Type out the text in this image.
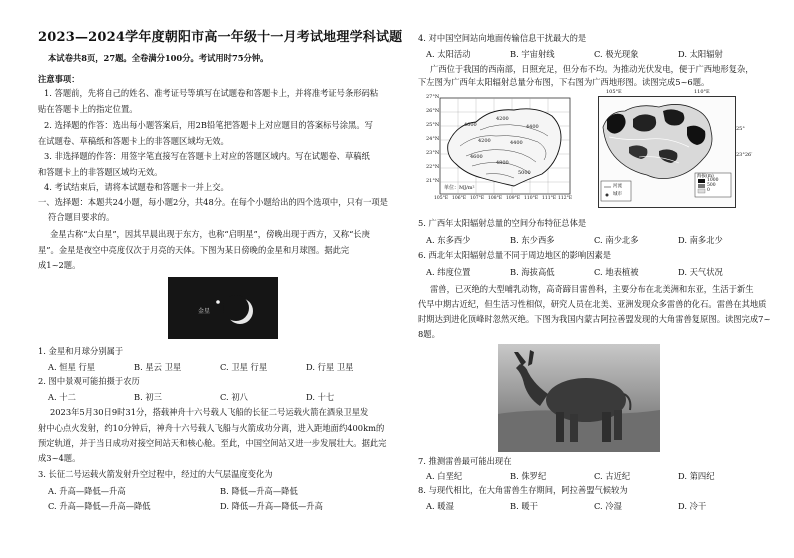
2023—2024学年度朝阳市高一年级十一月考试地理学科试题
本试卷共8页，27题。全卷满分100分。考试用时75分钟。
注意事项：
1. 答题前，先将自己的姓名、准考证号等填写在试题卷和答题卡上，并将准考证号条形码粘
贴在答题卡上的指定位置。
2. 选择题的作答：选出每小题答案后，用2B铅笔把答题卡上对应题目的答案标号涂黑。写
在试题卷、草稿纸和答题卡上的非答题区域均无效。
3. 非选择题的作答：用签字笔直接写在答题卡上对应的答题区域内。写在试题卷、草稿纸
和答题卡上的非答题区域均无效。
4. 考试结束后，请将本试题卷和答题卡一并上交。
一、选择题：本题共24小题，每小题2分，共48分。在每个小题给出的四个选项中，只有一项是
符合题目要求的。
金星古称“太白星”，因其早晨出现于东方，也称“启明星”，傍晚出现于西方，又称“长庚
星”。金星是夜空中亮度仅次于月亮的天体。下图为某日傍晚的金星和月球图。据此完
成1~2题。
金星
1. 金星和月球分别属于
A. 恒星 行星	B. 星云 卫星	C. 卫星 行星	D. 行星 卫星
2. 图中景观可能拍摄于农历
A. 十二	B. 初三	C. 初八	D. 十七
2023年5月30日9时31分，搭载神舟十六号载人飞船的长征二号运载火箭在酒泉卫星发
射中心点火发射，约10分钟后，神舟十六号载人飞船与火箭成功分离，进入距地面约400km的
预定轨道，并于当日成功对接空间站天和核心舱。至此，中国空间站又进一步发展壮大。据此完
成3~4题。
3. 长征二号运载火箭发射升空过程中，经过的大气层温度变化为
A. 升高—降低—升高	B. 降低—升高—降低
C. 升高—降低—升高—降低	D. 降低—升高—降低—升高
4. 对中国空间站向地面传输信息干扰最大的是
A. 太阳活动	B. 宇宙射线	C. 极光现象	D. 太阳辐射
广西位于我国的西南部，日照充足，但分布不均。为推动光伏发电，便于广西地形复杂，
下左图为广西年太阳辐射总量分布图，下右图为广西地形图。读图完成5~6题。
27°N
26°N
25°N
24°N
23°N
22°N
21°N
105°E 106°E 107°E 108°E 109°E 110°E 111°E 112°E
4600
4200
4400
4200	4400
4600
4800
5000
单位：MJ/m²
海拔(m)
1000
500
0
河流
城市
105°E	110°E
25°
23°26′
5. 广西年太阳辐射总量的空间分布特征总体是
A. 东多西少	B. 东少西多	C. 南少北多	D. 南多北少
6. 西北年太阳辐射总量不同于周边地区的影响因素是
A. 纬度位置	B. 海拔高低	C. 地表植被	D. 天气状况
雷兽，已灭绝的大型哺乳动物，高奇蹄目雷兽科，主要分布在北美洲和东亚，生活于新生
代早中期古近纪，但生活习性相似，研究人员在北美、亚洲发现众多雷兽的化石。雷兽在其地质
时期达到进化顶峰时忽然灭绝。下图为我国内蒙古阿拉善盟发现的大角雷兽复原图。读图完成7~
8题。
7. 推测雷兽最可能出现在
A. 白垩纪	B. 侏罗纪	C. 古近纪	D. 第四纪
8. 与现代相比，在大角雷兽生存期间，阿拉善盟气候较为
A. 暖湿	B. 暖干	C. 冷湿	D. 冷干
